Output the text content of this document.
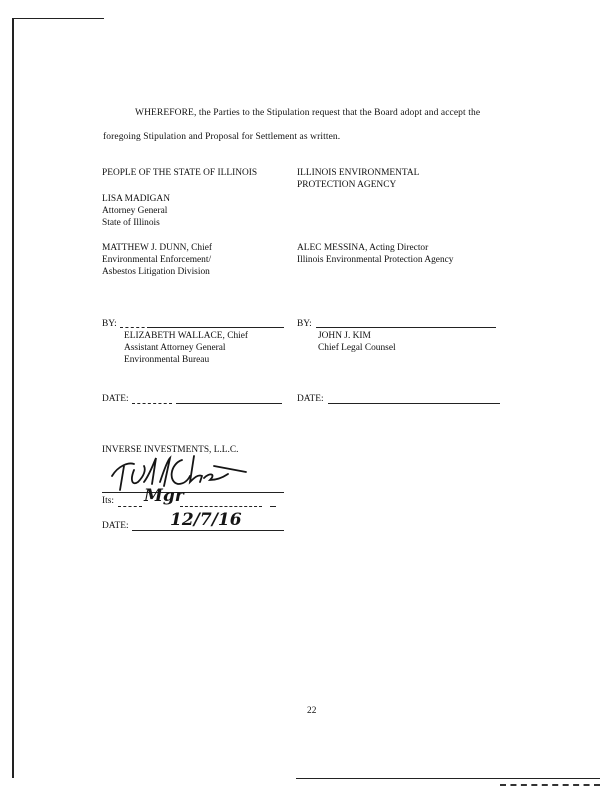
WHEREFORE, the Parties to the Stipulation request that the Board adopt and accept the
foregoing Stipulation and Proposal for Settlement as written.
PEOPLE OF THE STATE OF ILLINOIS
LISA MADIGAN
Attorney General
State of Illinois
MATTHEW J. DUNN, Chief
Environmental Enforcement/
Asbestos Litigation Division
ILLINOIS ENVIRONMENTAL
PROTECTION AGENCY
ALEC MESSINA, Acting Director
Illinois Environmental Protection Agency
BY:
ELIZABETH WALLACE, Chief
Assistant Attorney General
Environmental Bureau
BY:
JOHN J. KIM
Chief Legal Counsel
DATE:	DATE:
INVERSE INVESTMENTS, L.L.C.
Its: Mgr
DATE: 12/7/16
22
